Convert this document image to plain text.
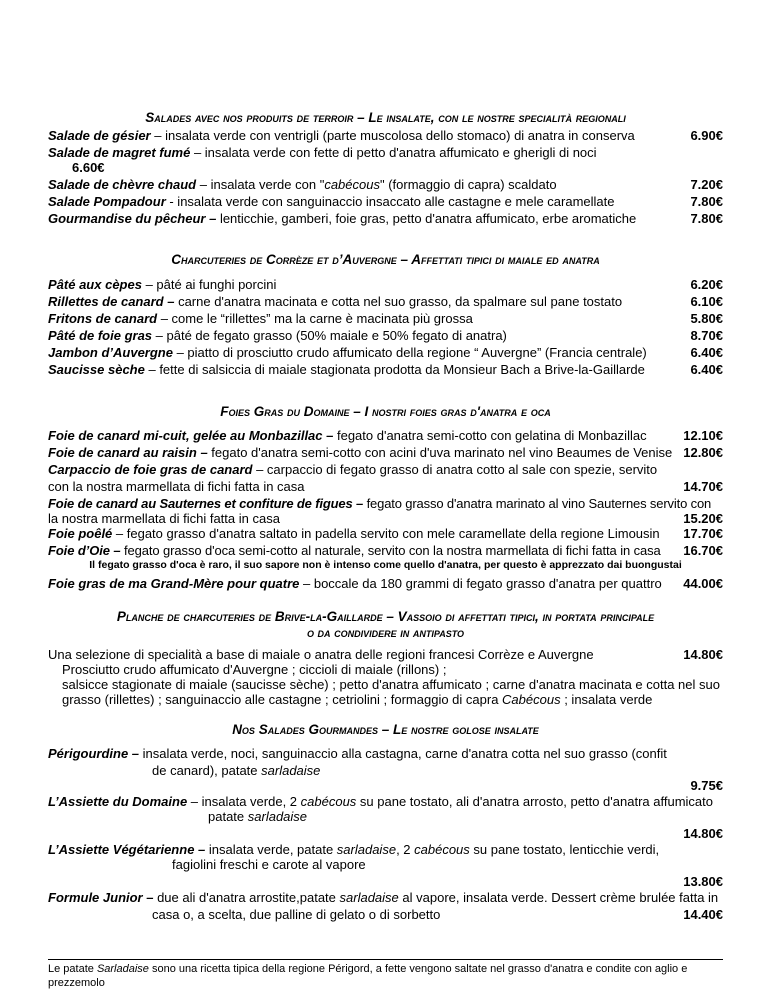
Salades avec nos produits de terroir – Le insalate, con le nostre specialità regionali
Salade de gésier – insalata verde con ventrigli (parte muscolosa dello stomaco) di anatra in conserva	6.90€
Salade de magret fumé – insalata verde con fette di petto d'anatra affumicato e gherigli di noci
6.60€
Salade de chèvre chaud – insalata verde con "cabécous" (formaggio di capra) scaldato	7.20€
Salade Pompadour - insalata verde con sanguinaccio insaccato alle castagne e mele caramellate	7.80€
Gourmandise du pêcheur – lenticchie, gamberi, foie gras, petto d'anatra affumicato, erbe aromatiche	7.80€
Charcuteries de Corrèze et d’Auvergne – Affettati tipici di maiale ed anatra
Pâté aux cèpes – pâté ai funghi porcini	6.20€
Rillettes de canard – carne d'anatra macinata e cotta nel suo grasso, da spalmare sul pane tostato	6.10€
Fritons de canard – come le “rillettes” ma la carne è macinata più grossa	5.80€
Pâté de foie gras – pâté de fegato grasso (50% maiale e 50% fegato di anatra)	8.70€
Jambon d’Auvergne – piatto di prosciutto crudo affumicato della regione “ Auvergne” (Francia centrale)	6.40€
Saucisse sèche – fette di salsiccia di maiale stagionata prodotta da Monsieur Bach a Brive-la-Gaillarde	6.40€
Foies Gras du Domaine – I nostri foies gras d'anatra e oca
Foie de canard mi-cuit, gelée au Monbazillac – fegato d'anatra semi-cotto con gelatina di Monbazillac	12.10€
Foie de canard au raisin – fegato d'anatra semi-cotto con acini d'uva marinato nel vino Beaumes de Venise 12.80€
Carpaccio de foie gras de canard – carpaccio di fegato grasso di anatra cotto al sale con spezie, servito
con la nostra marmellata di fichi fatta in casa	14.70€
Foie de canard au Sauternes et confiture de figues – fegato grasso d'anatra marinato al vino Sauternes servito con
la nostra marmellata di fichi fatta in casa	15.20€
Foie poêlé – fegato grasso d'anatra saltato in padella servito con mele caramellate della regione Limousin	17.70€
Foie d’Oie – fegato grasso d'oca semi-cotto al naturale, servito con la nostra marmellata di fichi fatta in casa	16.70€
Il fegato grasso d'oca è raro, il suo sapore non è intenso come quello d'anatra, per questo è apprezzato dai buongustai
Foie gras de ma Grand-Mère pour quatre – boccale da 180 grammi di fegato grasso d'anatra per quattro	44.00€
Planche de charcuteries de Brive-la-Gaillarde – Vassoio di affettati tipici, in portata principale
o da condividere in antipasto
Una selezione di specialità a base di maiale o anatra delle regioni francesi Corrèze e Auvergne	14.80€
Prosciutto crudo affumicato d'Auvergne ; ciccioli di maiale (rillons) ;
salsicce stagionate di maiale (saucisse sèche) ; petto d'anatra affumicato ; carne d'anatra macinata e cotta nel suo
grasso (rillettes) ; sanguinaccio alle castagne ; cetriolini ; formaggio di capra Cabécous ; insalata verde
Nos Salades Gourmandes – Le nostre golose insalate
Périgourdine – insalata verde, noci, sanguinaccio alla castagna, carne d'anatra cotta nel suo grasso (confit
de canard), patate sarladaise
9.75€
L’Assiette du Domaine – insalata verde, 2 cabécous su pane tostato, ali d'anatra arrosto, petto d'anatra affumicato
patate sarladaise
14.80€
L’Assiette Végétarienne – insalata verde, patate sarladaise, 2 cabécous su pane tostato, lenticchie verdi,
fagiolini freschi e carote al vapore
13.80€
Formule Junior – due ali d'anatra arrostite,patate sarladaise al vapore, insalata verde. Dessert crème brulée fatta in
casa o, a scelta, due palline di gelato o di sorbetto	14.40€
Le patate Sarladaise sono una ricetta tipica della regione Périgord, a fette vengono saltate nel grasso d'anatra e condite con aglio e prezzemolo
